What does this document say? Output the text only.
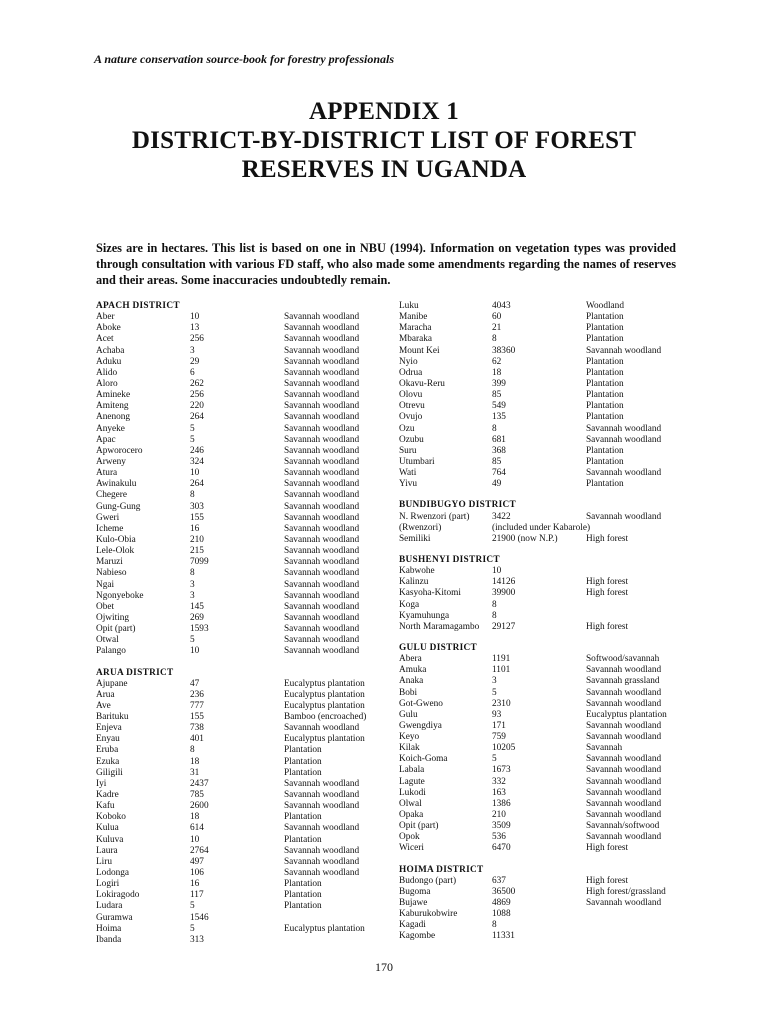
A nature conservation source-book for forestry professionals
APPENDIX 1
DISTRICT-BY-DISTRICT LIST OF FOREST
RESERVES IN UGANDA
Sizes are in hectares. This list is based on one in NBU (1994). Information on vegetation types was provided through consultation with various FD staff, who also made some amendments regarding the names of reserves and their areas. Some inaccuracies undoubtedly remain.
APACH DISTRICT
Aber	10	Savannah woodland
Aboke	13	Savannah woodland
Acet	256	Savannah woodland
Achaba	3	Savannah woodland
Aduku	29	Savannah woodland
Alido	6	Savannah woodland
Aloro	262	Savannah woodland
Amineke	256	Savannah woodland
Amiteng	220	Savannah woodland
Anenong	264	Savannah woodland
Anyeke	5	Savannah woodland
Apac	5	Savannah woodland
Apworocero	246	Savannah woodland
Arweny	324	Savannah woodland
Atura	10	Savannah woodland
Awinakulu	264	Savannah woodland
Chegere	8	Savannah woodland
Gung-Gung	303	Savannah woodland
Gweri	155	Savannah woodland
Icheme	16	Savannah woodland
Kulo-Obia	210	Savannah woodland
Lele-Olok	215	Savannah woodland
Maruzi	7099	Savannah woodland
Nabieso	8	Savannah woodland
Ngai	3	Savannah woodland
Ngonyeboke	3	Savannah woodland
Obet	145	Savannah woodland
Ojwiting	269	Savannah woodland
Opit (part)	1593	Savannah woodland
Otwal	5	Savannah woodland
Palango	10	Savannah woodland
ARUA DISTRICT
Ajupane	47	Eucalyptus plantation
Arua	236	Eucalyptus plantation
Ave	777	Eucalyptus plantation
Barituku	155	Bamboo (encroached)
Enjeva	738	Savannah woodland
Enyau	401	Eucalyptus plantation
Eruba	8	Plantation
Ezuka	18	Plantation
Giligili	31	Plantation
Iyi	2437	Savannah woodland
Kadre	785	Savannah woodland
Kafu	2600	Savannah woodland
Koboko	18	Plantation
Kulua	614	Savannah woodland
Kuluva	10	Plantation
Laura	2764	Savannah woodland
Liru	497	Savannah woodland
Lodonga	106	Savannah woodland
Logiri	16	Plantation
Lokiragodo	117	Plantation
Ludara	5	Plantation
Guramwa	1546
Hoima	5	Eucalyptus plantation
Ibanda	313
Luku	4043	Woodland
Manibe	60	Plantation
Maracha	21	Plantation
Mbaraka	8	Plantation
Mount Kei	38360	Savannah woodland
Nyio	62	Plantation
Odrua	18	Plantation
Okavu-Reru	399	Plantation
Olovu	85	Plantation
Otrevu	549	Plantation
Ovujo	135	Plantation
Ozu	8	Savannah woodland
Ozubu	681	Savannah woodland
Suru	368	Plantation
Utumbari	85	Plantation
Wati	764	Savannah woodland
Yivu	49	Plantation
BUNDIBUGYO DISTRICT
N. Rwenzori (part) 3422	Savannah woodland
(Rwenzori)	(included under Kabarole)
Semiliki	21900 (now N.P.)	High forest
BUSHENYI DISTRICT
Kabwohe	10
Kalinzu	14126	High forest
Kasyoha-Kitomi	39900	High forest
Koga	8
Kyamuhunga	8
North Maramagambo 29127	High forest
GULU DISTRICT
Abera	1191	Softwood/savannah
Amuka	1101	Savannah woodland
Anaka	3	Savannah grassland
Bobi	5	Savannah woodland
Got-Gweno	2310	Savannah woodland
Gulu	93	Eucalyptus plantation
Gwengdiya	171	Savannah woodland
Keyo	759	Savannah woodland
Kilak	10205	Savannah
Koich-Goma	5	Savannah woodland
Labala	1673	Savannah woodland
Lagute	332	Savannah woodland
Lukodi	163	Savannah woodland
Olwal	1386	Savannah woodland
Opaka	210	Savannah woodland
Opit (part)	3509	Savannah/softwood
Opok	536	Savannah woodland
Wiceri	6470	High forest
HOIMA DISTRICT
Budongo (part)	637	High forest
Bugoma	36500	High forest/grassland
Bujawe	4869	Savannah woodland
Kaburukobwire	1088
Kagadi	8
Kagombe	11331
170
